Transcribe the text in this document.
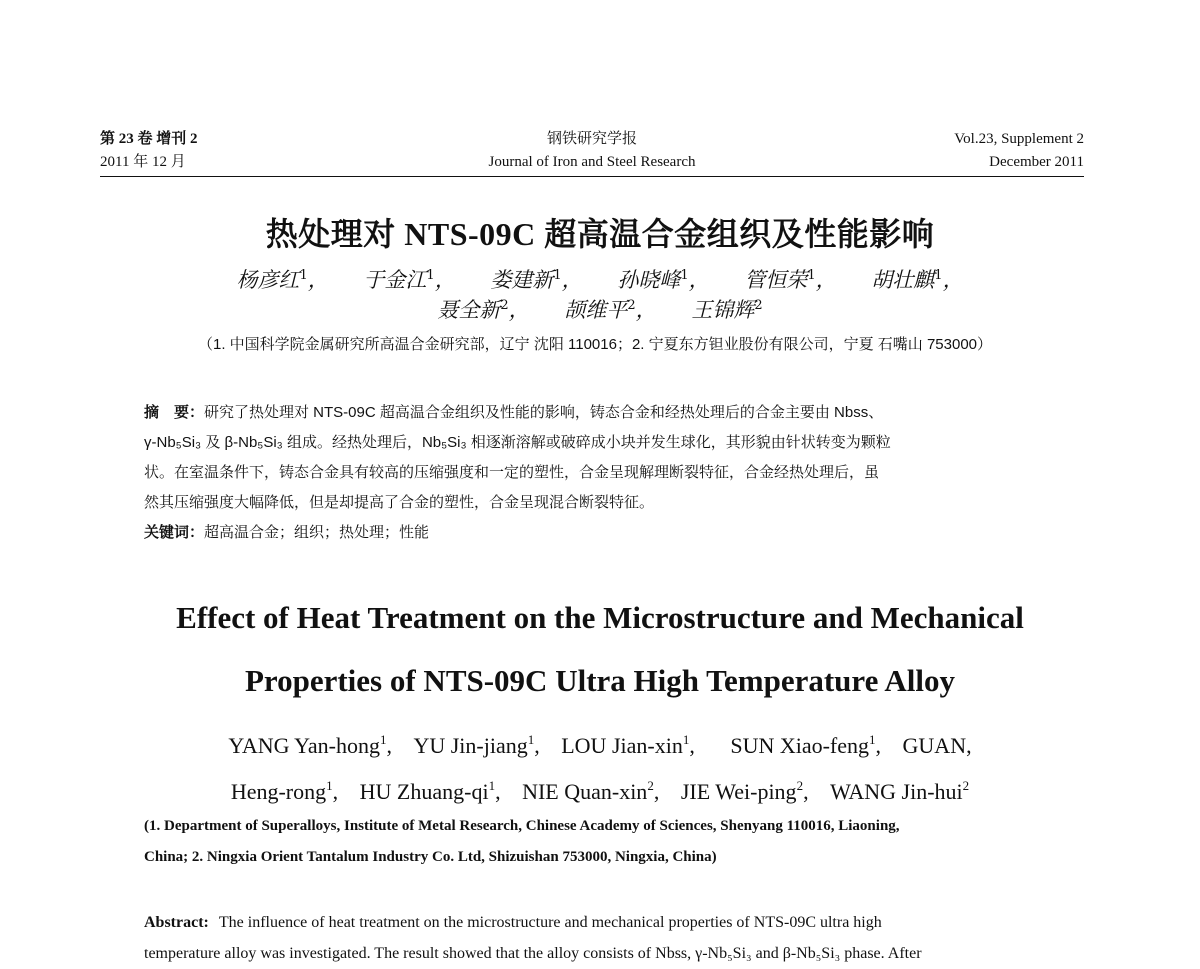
第 23 卷 增刊 2	钢铁研究学报	Vol.23, Supplement 2
2011 年 12 月	Journal of Iron and Steel Research	December 2011
热处理对 NTS-09C 超高温合金组织及性能影响
杨彦红$^1$， 于金江$^1$， 娄建新$^1$， 孙晓峰$^1$， 管恒荣$^1$， 胡壮麒$^1$，
聂全新$^2$， 颉维平$^2$， 王锦辉$^2$
（1. 中国科学院金属研究所高温合金研究部，辽宁 沈阳 110016；2. 宁夏东方钽业股份有限公司，宁夏 石嘴山 753000）
摘　要：研究了热处理对 NTS-09C 超高温合金组织及性能的影响，铸态合金和经热处理后的合金主要由 Nbss、
γ-Nb₅Si₃ 及 β-Nb₅Si₃ 组成。经热处理后，Nb₅Si₃ 相逐渐溶解或破碎成小块并发生球化，其形貌由针状转变为颗粒
状。在室温条件下，铸态合金具有较高的压缩强度和一定的塑性，合金呈现解理断裂特征，合金经热处理后，虽
然其压缩强度大幅降低，但是却提高了合金的塑性，合金呈现混合断裂特征。
关键词：超高温合金；组织；热处理；性能
Effect of Heat Treatment on the Microstructure and Mechanical
Properties of NTS-09C Ultra High Temperature Alloy
YANG Yan-hong$^1$, YU Jin-jiang$^1$, LOU Jian-xin$^1$, SUN Xiao-feng$^1$, GUAN,
Heng-rong$^1$, HU Zhuang-$qi^1$, NIE Quan-xin$^2$, JIE Wei-ping$^2$, WANG Jin-hui$^2$
(1. Department of Superalloys, Institute of Metal Research, Chinese Academy of Sciences, Shenyang 110016, Liaoning,
China; 2. Ningxia Orient Tantalum Industry Co. Ltd, Shizuishan 753000, Ningxia, China)
Abstract: The influence of heat treatment on the microstructure and mechanical properties of NTS-09C ultra high
temperature alloy was investigated. The result showed that the alloy consists of Nbss, γ-Nb₅Si₃ and β-Nb₅Si₃ phase. After
